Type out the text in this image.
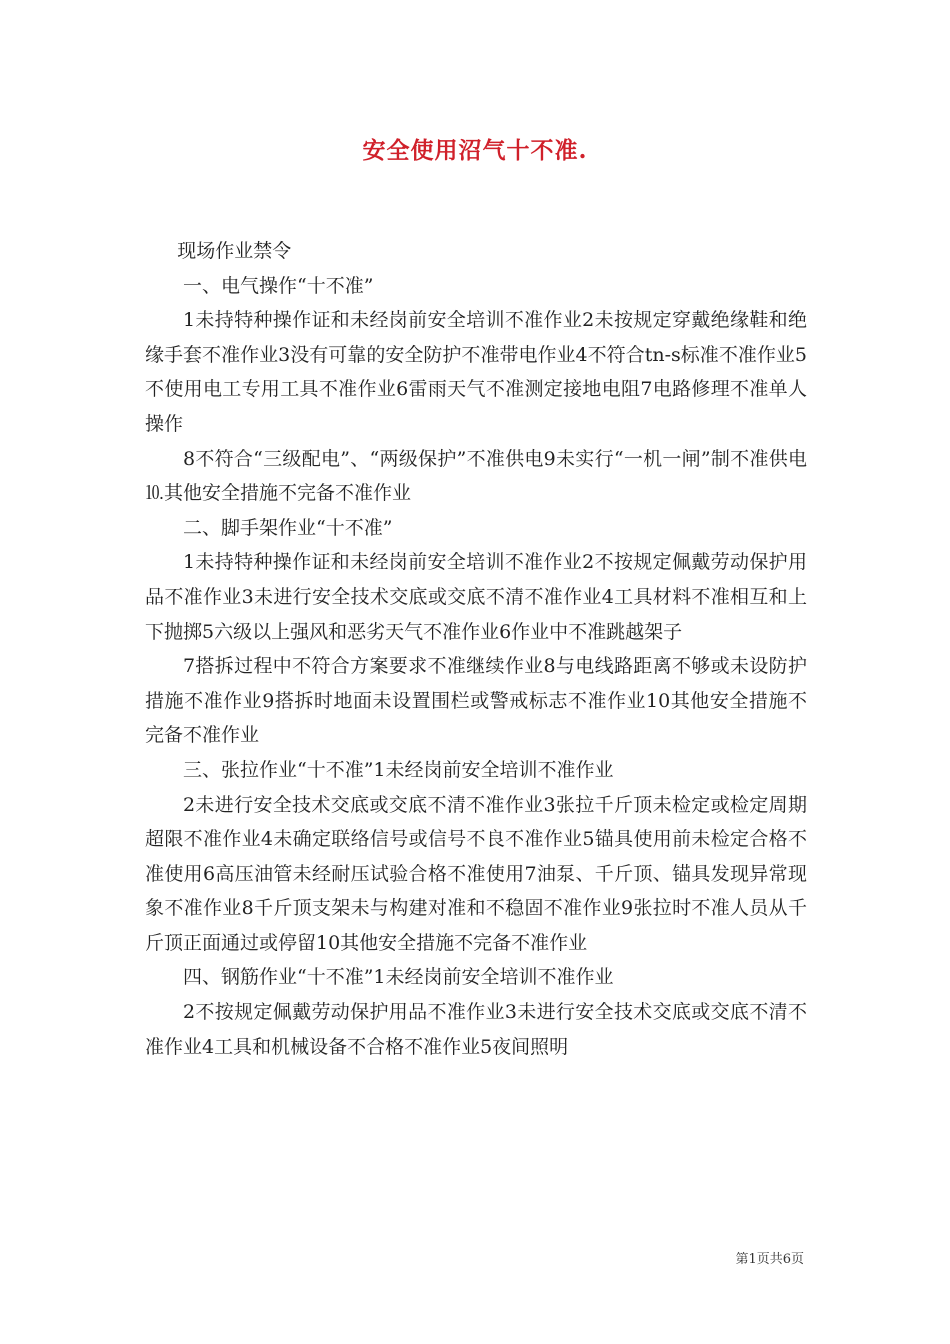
安全使用沼气十不准.

现场作业禁令

一、电气操作“十不准”

1未持特种操作证和未经岗前安全培训不准作业2未按规定穿戴绝缘鞋和绝缘手套不准作业3没有可靠的安全防护不准带电作业4不符合tn-s标准不准作业5不使用电工专用工具不准作业6雷雨天气不准测定接地电阻7电路修理不准单人操作

8不符合“三级配电”、“两级保护”不准供电9未实行“一机一闸”制不准供电⒑其他安全措施不完备不准作业

二、脚手架作业“十不准”

1未持特种操作证和未经岗前安全培训不准作业2不按规定佩戴劳动保护用品不准作业3未进行安全技术交底或交底不清不准作业4工具材料不准相互和上下抛掷5六级以上强风和恶劣天气不准作业6作业中不准跳越架子

7搭拆过程中不符合方案要求不准继续作业8与电线路距离不够或未设防护措施不准作业9搭拆时地面未设置围栏或警戒标志不准作业10其他安全措施不完备不准作业

三、张拉作业“十不准”1未经岗前安全培训不准作业

2未进行安全技术交底或交底不清不准作业3张拉千斤顶未检定或检定周期超限不准作业4未确定联络信号或信号不良不准作业5锚具使用前未检定合格不准使用6高压油管未经耐压试验合格不准使用7油泵、千斤顶、锚具发现异常现象不准作业8千斤顶支架未与构建对准和不稳固不准作业9张拉时不准人员从千斤顶正面通过或停留10其他安全措施不完备不准作业

四、钢筋作业“十不准”1未经岗前安全培训不准作业

2不按规定佩戴劳动保护用品不准作业3未进行安全技术交底或交底不清不准作业4工具和机械设备不合格不准作业5夜间照明

第1页共6页
